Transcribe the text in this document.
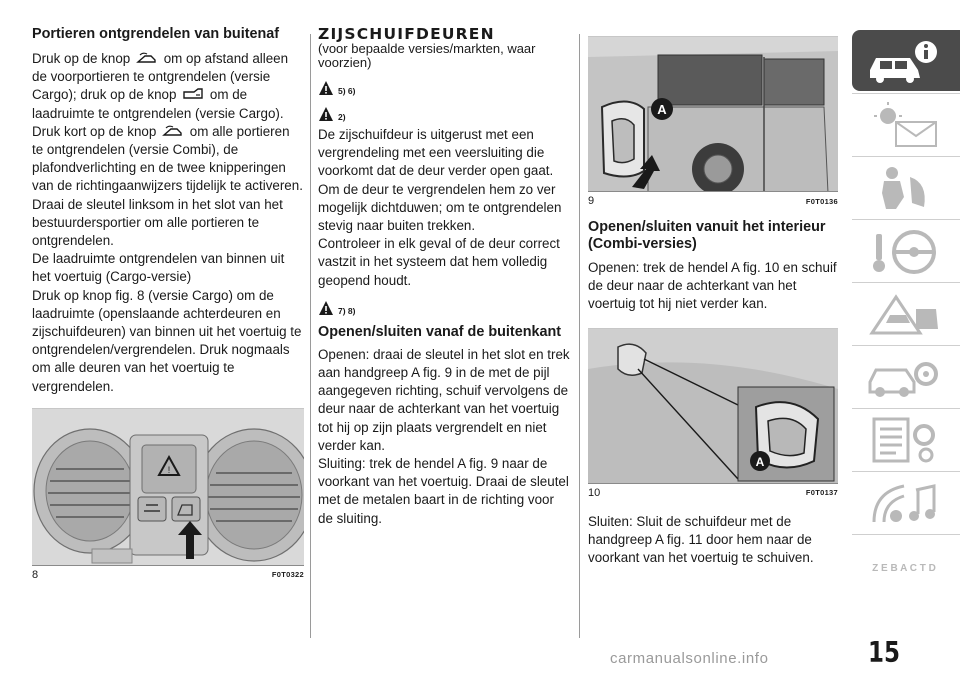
Portieren ontgrendelen van buitenaf

Druk op de knop om op afstand alleen de voorportieren te ontgrendelen (versie Cargo); druk op de knop om de laadruimte te ontgrendelen (versie Cargo).

Druk kort op de knop om alle portieren te ontgrendelen (versie Combi), de plafondverlichting en de twee knipperingen van de richtingaanwijzers tijdelijk te activeren.

Draai de sleutel linksom in het slot van het bestuurdersportier om alle portieren te ontgrendelen.

De laadruimte ontgrendelen van binnen uit het voertuig (Cargo-versie)

Druk op knop fig. 8 (versie Cargo) om de laadruimte (openslaande achterdeuren en zijschuifdeuren) van binnen uit het voertuig te ontgrendelen/vergrendelen. Druk nogmaals om alle deuren van het voertuig te vergrendelen.

!
8	F0T0322
ZIJSCHUIFDEUREN

(voor bepaalde versies/markten, waar voorzien)

5) 6)
2)

De zijschuifdeur is uitgerust met een vergrendeling met een veersluiting die voorkomt dat de deur verder open gaat. Om de deur te vergrendelen hem zo ver mogelijk dichtduwen; om te ontgrendelen stevig naar buiten trekken.

Controleer in elk geval of de deur correct vastzit in het systeem dat hem volledig geopend houdt.

7) 8)
Openen/sluiten vanaf de buitenkant

Openen: draai de sleutel in het slot en trek aan handgreep A fig. 9 in de met de pijl aangegeven richting, schuif vervolgens de deur naar de achterkant van het voertuig tot hij op zijn plaats vergrendelt en niet verder kan.

Sluiting: trek de hendel A fig. 9 naar de voorkant van het voertuig. Draai de sleutel met de metalen baart in de richting voor de sluiting.

A
9	F0T0136
Openen/sluiten vanuit het interieur (Combi-versies)

Openen: trek de hendel A fig. 10 en schuif de deur naar de achterkant van het voertuig tot hij niet verder kan.

A
10	F0T0137

Sluiten: Sluit de schuifdeur met de handgreep A fig. 11 door hem naar de voorkant van het voertuig te schuiven.

Z E B A C T D
15
carmanualsonline.info
